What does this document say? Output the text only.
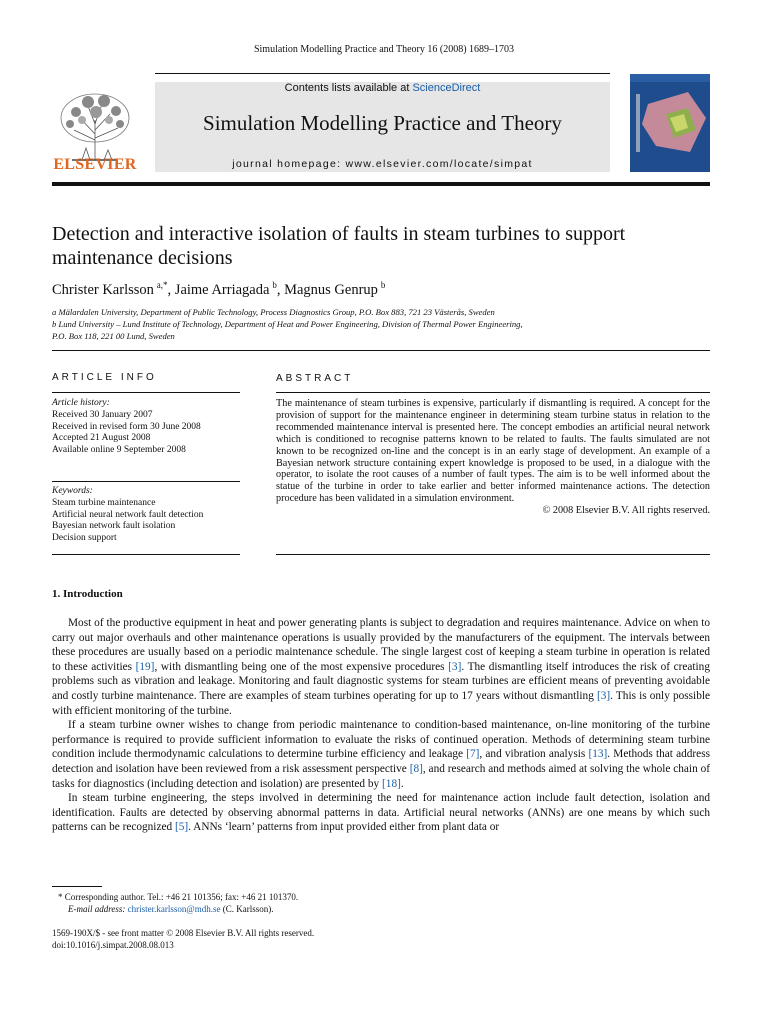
Simulation Modelling Practice and Theory 16 (2008) 1689–1703
ELSEVIER
Contents lists available at ScienceDirect
Simulation Modelling Practice and Theory
journal homepage: www.elsevier.com/locate/simpat
Detection and interactive isolation of faults in steam turbines to support maintenance decisions
Christer Karlsson  $^{a,*}$, Jaime Arriagada  $^b$, Magnus Genrup  $^b$
a Mälardalen University, Department of Public Technology, Process Diagnostics Group, P.O. Box 883, 721 23 Västerås, Sweden
b Lund University – Lund Institute of Technology, Department of Heat and Power Engineering, Division of Thermal Power Engineering,
P.O. Box 118, 221 00 Lund, Sweden
ARTICLE INFO
Article history:
Received 30 January 2007
Received in revised form 30 June 2008
Accepted 21 August 2008
Available online 9 September 2008
Keywords:
Steam turbine maintenance
Artificial neural network fault detection
Bayesian network fault isolation
Decision support
ABSTRACT

The maintenance of steam turbines is expensive, particularly if dismantling is required. A concept for the provision of support for the maintenance engineer in determining steam turbine status in relation to the recommended maintenance interval is presented here. The concept embodies an artificial neural network which is conditioned to recognise patterns known to be related to faults. The faults simulated are not known to be recognized on-line and the concept is in an early stage of development. An example of a Bayesian network structure containing expert knowledge is proposed to be used, in a dialogue with the operator, to isolate the root causes of a number of fault types. The aim is to be well informed about the statue of the turbine in order to take earlier and better informed maintenance actions. The detection procedure has been validated in a simulation environment.

© 2008 Elsevier B.V. All rights reserved.

1. Introduction

Most of the productive equipment in heat and power generating plants is subject to degradation and requires maintenance. Advice on when to carry out major overhauls and other maintenance operations is usually provided by the manufacturers of the equipment. The intervals between these procedures are usually based on a periodic maintenance schedule. The single largest cost of keeping a steam turbine in operation is related to these activities [19], with dismantling being one of the most expensive procedures [3]. The dismantling itself introduces the risk of creating problems such as vibration and leakage. Monitoring and fault diagnostic systems for steam turbines are efficient means of preventing avoidable and costly turbine maintenance. There are examples of steam turbines operating for up to 17 years without dismantling [3]. This is only possible with efficient monitoring of the turbine.

If a steam turbine owner wishes to change from periodic maintenance to condition-based maintenance, on-line monitoring of the turbine performance is required to provide sufficient information to evaluate the risks of continued operation. Methods of determining steam turbine condition include thermodynamic calculations to determine turbine efficiency and leakage [7], and vibration analysis [13]. Methods that address detection and isolation have been reviewed from a risk assessment perspective [8], and research and methods aimed at solving the whole chain of tasks for diagnostics (including detection and isolation) are presented by [18].

In steam turbine engineering, the steps involved in determining the need for maintenance action include fault detection, isolation and identification. Faults are detected by observing abnormal patterns in data. Artificial neural networks (ANNs) are one means by which such patterns can be recognized [5]. ANNs ‘learn’ patterns from input provided either from plant data or

* Corresponding author. Tel.: +46 21 101356; fax: +46 21 101370.
E-mail address: christer.karlsson@mdh.se (C. Karlsson).
1569-190X/$ - see front matter © 2008 Elsevier B.V. All rights reserved.
doi:10.1016/j.simpat.2008.08.013
